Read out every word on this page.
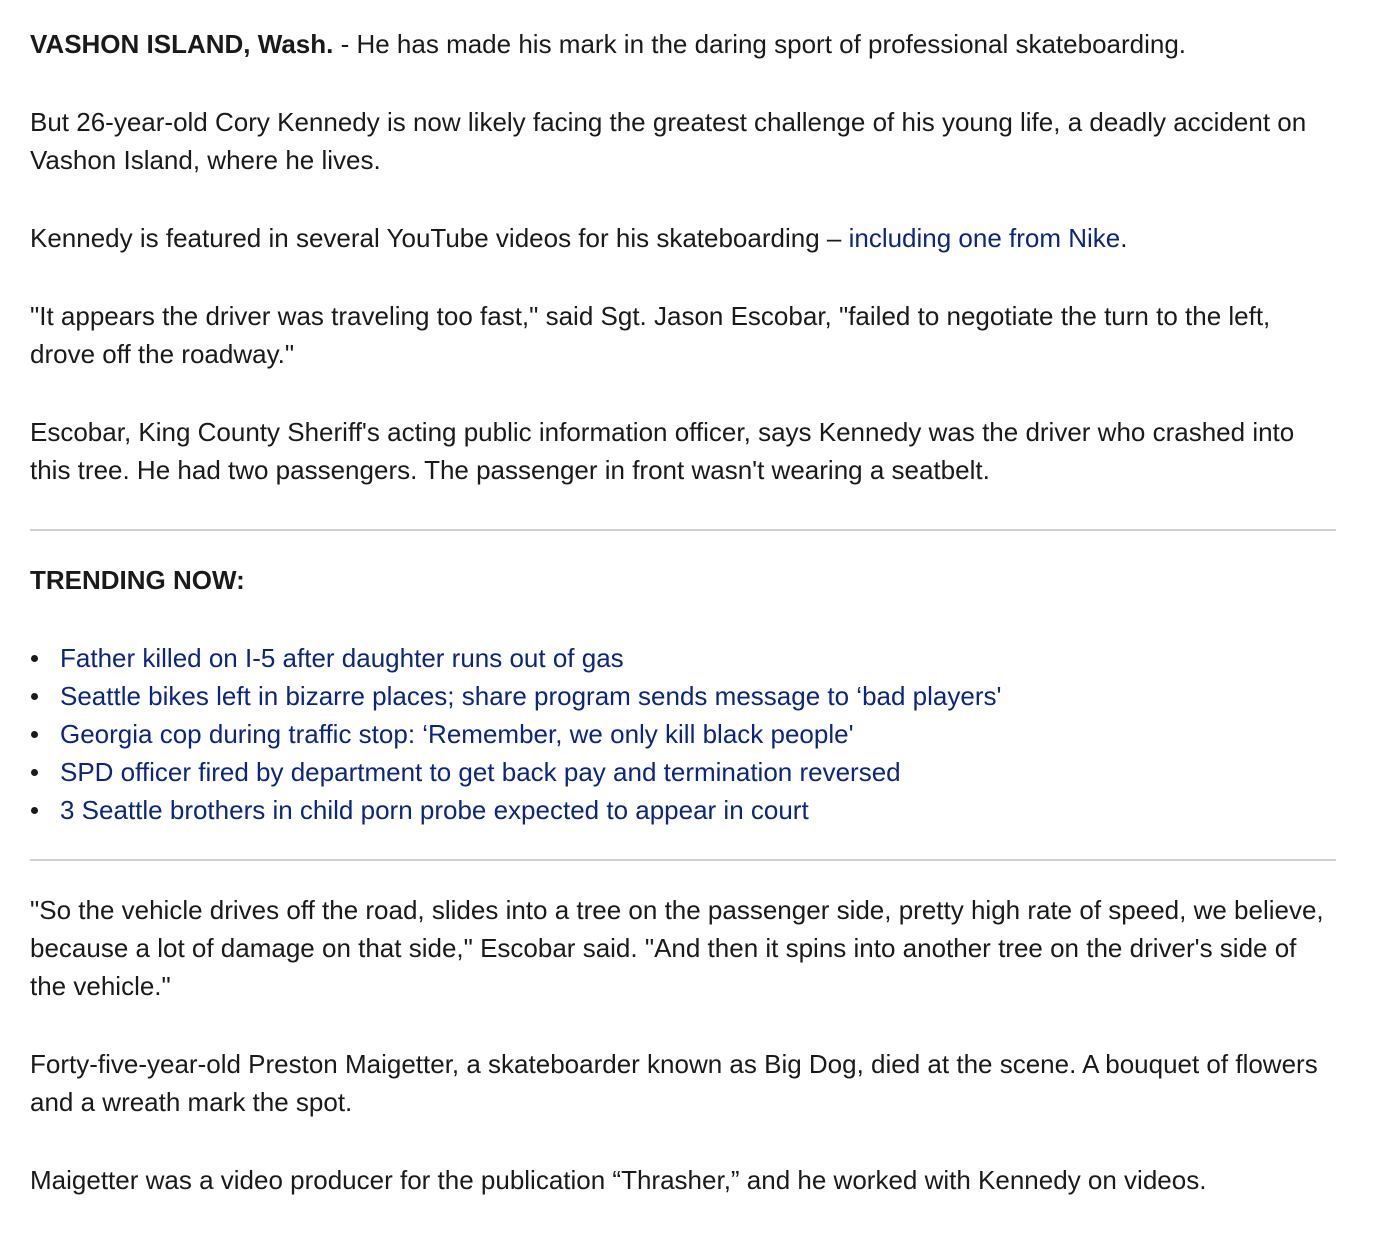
VASHON ISLAND, Wash. - He has made his mark in the daring sport of professional skateboarding.

But 26-year-old Cory Kennedy is now likely facing the greatest challenge of his young life, a deadly accident on Vashon Island, where he lives.

Kennedy is featured in several YouTube videos for his skateboarding – including one from Nike.

"It appears the driver was traveling too fast," said Sgt. Jason Escobar, "failed to negotiate the turn to the left, drove off the roadway."

Escobar, King County Sheriff's acting public information officer, says Kennedy was the driver who crashed into this tree. He had two passengers. The passenger in front wasn't wearing a seatbelt.

TRENDING NOW:
Father killed on I-5 after daughter runs out of gas
Seattle bikes left in bizarre places; share program sends message to ‘bad players'
Georgia cop during traffic stop: ‘Remember, we only kill black people'
SPD officer fired by department to get back pay and termination reversed
3 Seattle brothers in child porn probe expected to appear in court

"So the vehicle drives off the road, slides into a tree on the passenger side, pretty high rate of speed, we believe, because a lot of damage on that side," Escobar said. "And then it spins into another tree on the driver's side of the vehicle."

Forty-five-year-old Preston Maigetter, a skateboarder known as Big Dog, died at the scene. A bouquet of flowers and a wreath mark the spot.

Maigetter was a video producer for the publication “Thrasher,” and he worked with Kennedy on videos.
